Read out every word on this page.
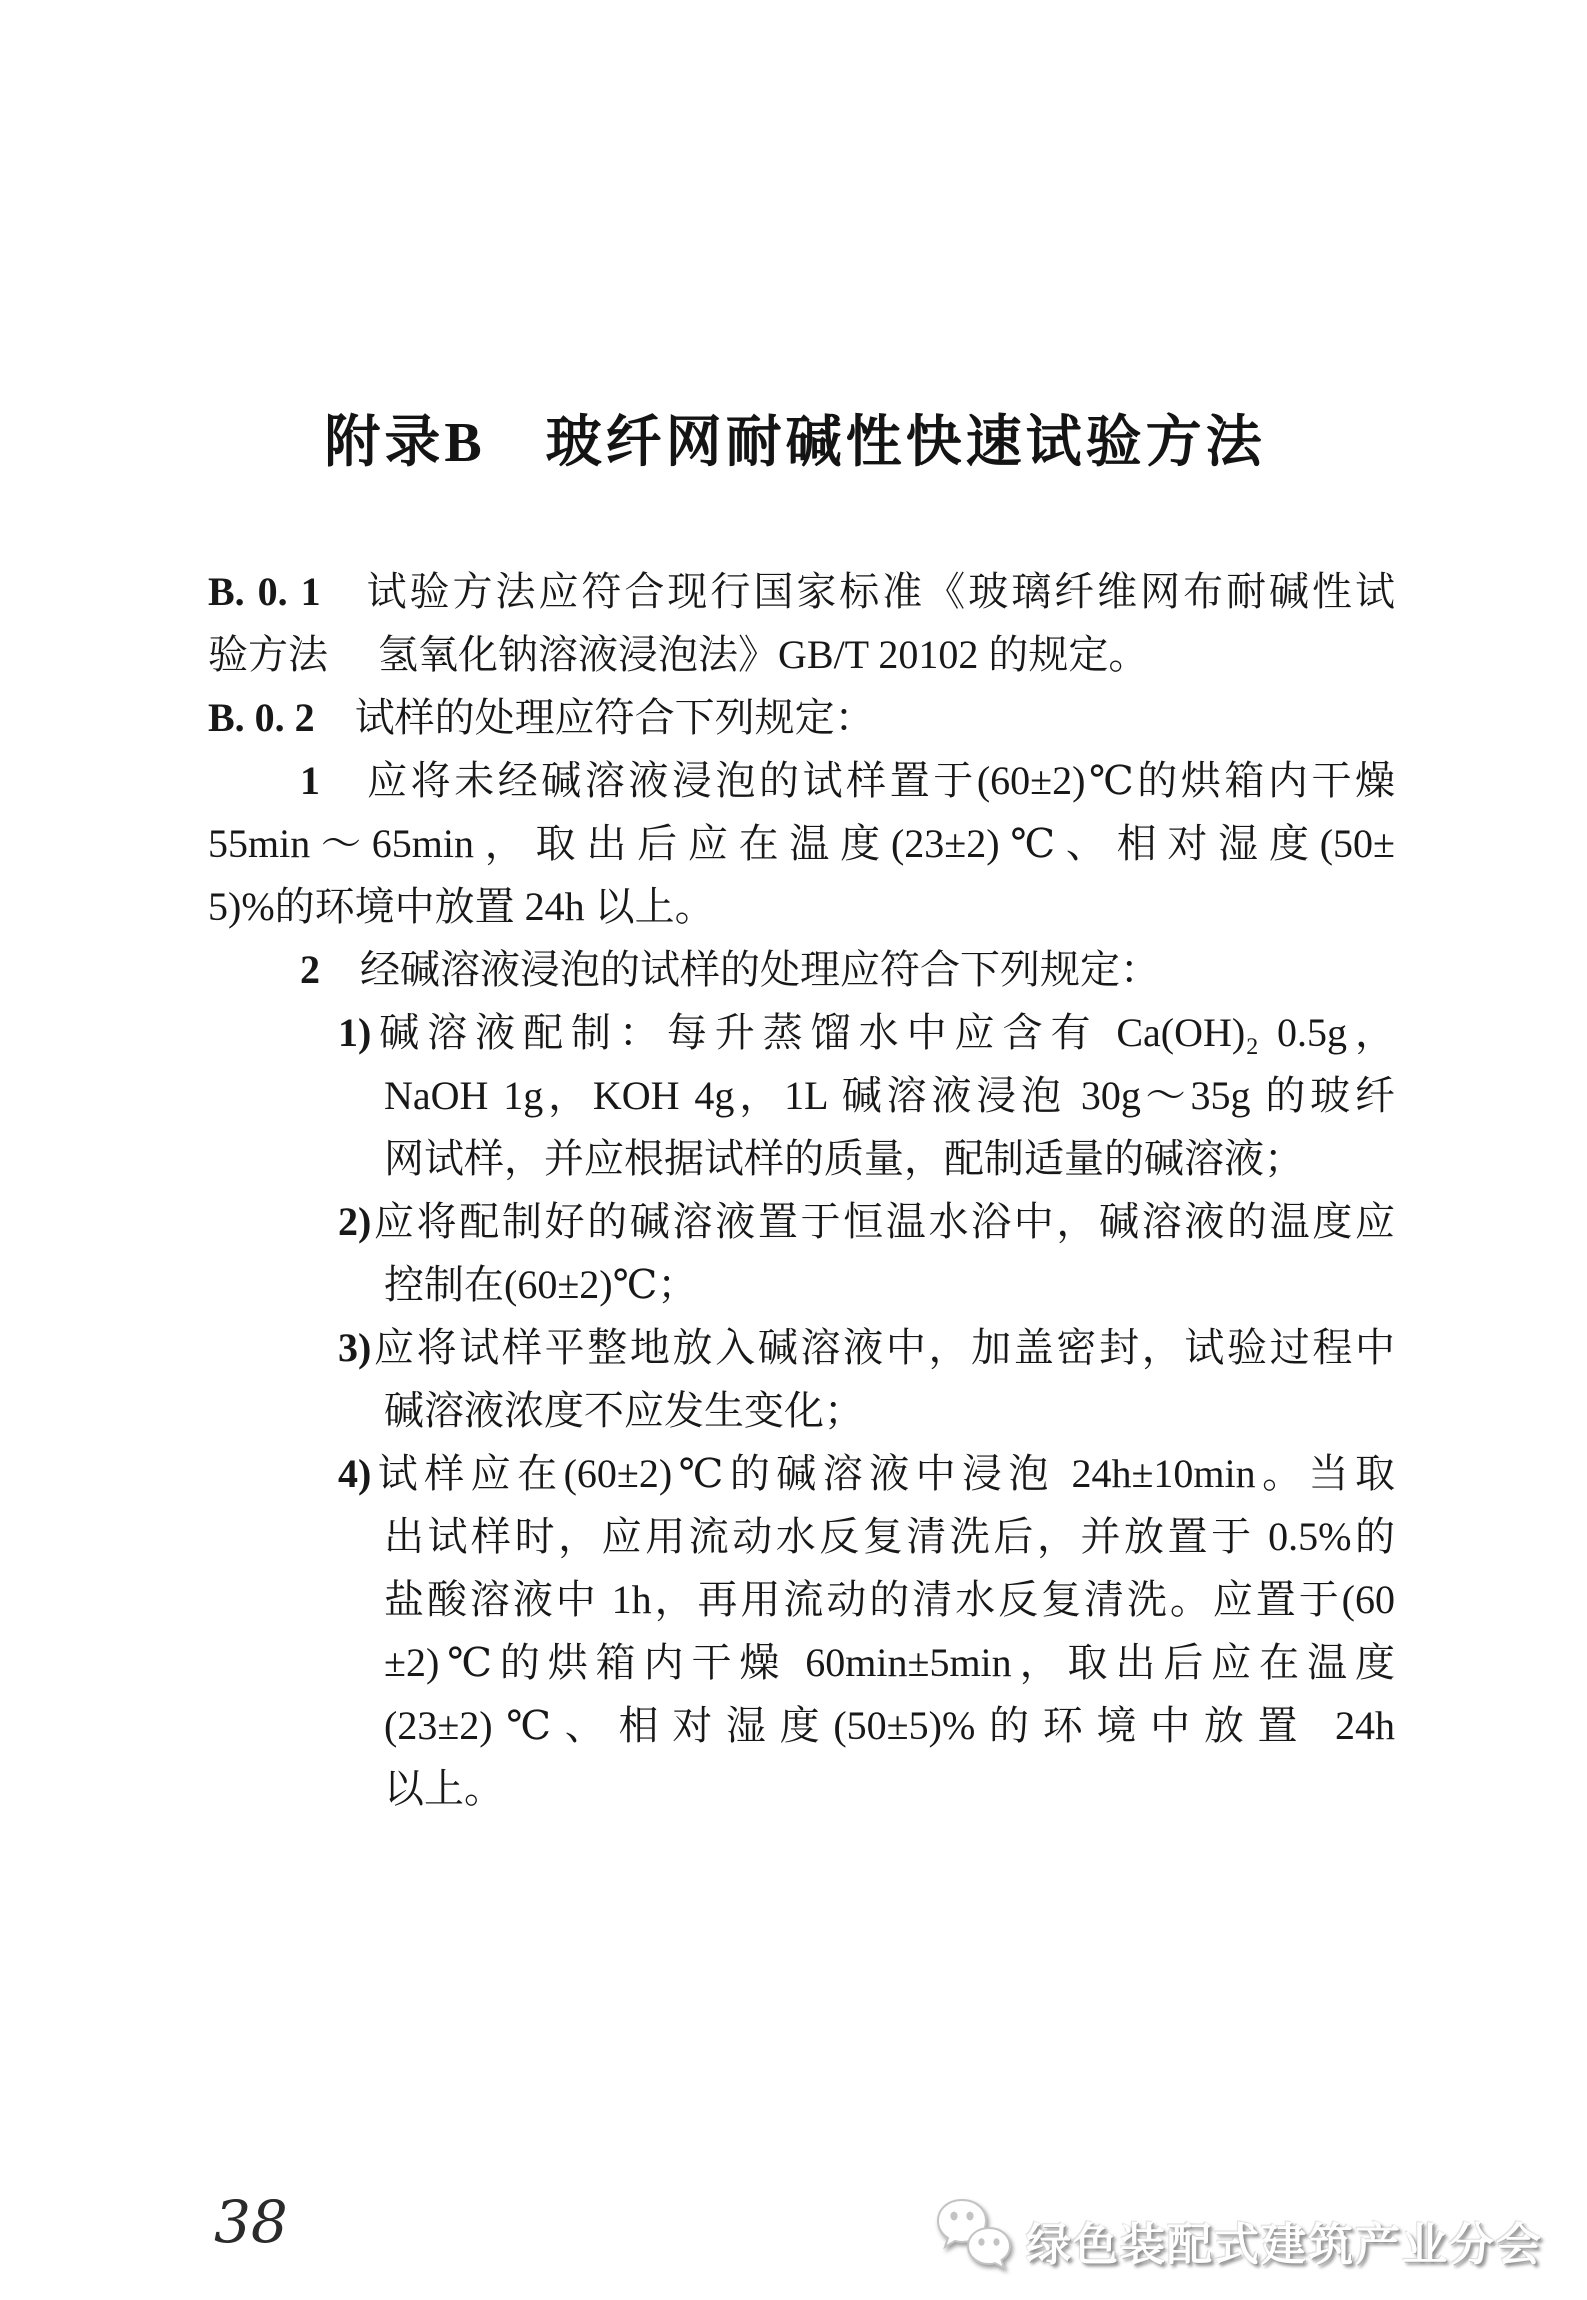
附录B　玻纤网耐碱性快速试验方法
B. 0. 1　试验方法应符合现行国家标准《玻璃纤维网布耐碱性试
验方法　 氢氧化钠溶液浸泡法》GB/T 20102 的规定。
B. 0. 2　试样的处理应符合下列规定：
1　应将未经碱溶液浸泡的试样置于(60±2)℃的烘箱内干燥
55min～65min，取出后应在温度(23±2)℃、相对湿度(50±
5)%的环境中放置 24h 以上。
2　经碱溶液浸泡的试样的处理应符合下列规定：
1)碱溶液配制：每升蒸馏水中应含有 Ca(OH)₂ 0.5g，
NaOH 1g，KOH 4g，1L 碱溶液浸泡 30g～35g 的玻纤
网试样，并应根据试样的质量，配制适量的碱溶液；
2)应将配制好的碱溶液置于恒温水浴中，碱溶液的温度应
控制在(60±2)℃；
3)应将试样平整地放入碱溶液中，加盖密封，试验过程中
碱溶液浓度不应发生变化；
4)试样应在(60±2)℃的碱溶液中浸泡 24h±10min。当取
出试样时，应用流动水反复清洗后，并放置于 0.5%的
盐酸溶液中 1h，再用流动的清水反复清洗。应置于(60
±2)℃的烘箱内干燥 60min±5min，取出后应在温度
(23±2)℃、相对湿度(50±5)%的环境中放置 24h
以上。
38	绿色装配式建筑产业分会
